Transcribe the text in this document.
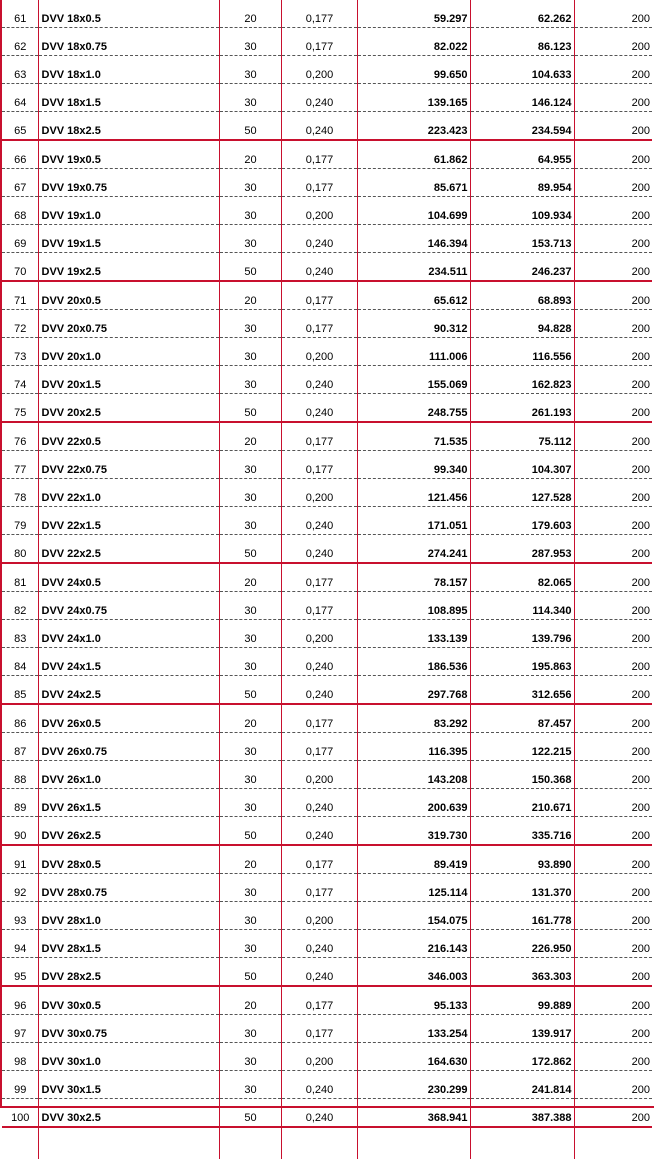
61	DVV 18x0.5	20	0,177	59.297	62.262	200
62	DVV 18x0.75	30	0,177	82.022	86.123	200
63	DVV 18x1.0	30	0,200	99.650	104.633	200
64	DVV 18x1.5	30	0,240	139.165	146.124	200
65	DVV 18x2.5	50	0,240	223.423	234.594	200
66	DVV 19x0.5	20	0,177	61.862	64.955	200
67	DVV 19x0.75	30	0,177	85.671	89.954	200
68	DVV 19x1.0	30	0,200	104.699	109.934	200
69	DVV 19x1.5	30	0,240	146.394	153.713	200
70	DVV 19x2.5	50	0,240	234.511	246.237	200
71	DVV 20x0.5	20	0,177	65.612	68.893	200
72	DVV 20x0.75	30	0,177	90.312	94.828	200
73	DVV 20x1.0	30	0,200	111.006	116.556	200
74	DVV 20x1.5	30	0,240	155.069	162.823	200
75	DVV 20x2.5	50	0,240	248.755	261.193	200
76	DVV 22x0.5	20	0,177	71.535	75.112	200
77	DVV 22x0.75	30	0,177	99.340	104.307	200
78	DVV 22x1.0	30	0,200	121.456	127.528	200
79	DVV 22x1.5	30	0,240	171.051	179.603	200
80	DVV 22x2.5	50	0,240	274.241	287.953	200
81	DVV 24x0.5	20	0,177	78.157	82.065	200
82	DVV 24x0.75	30	0,177	108.895	114.340	200
83	DVV 24x1.0	30	0,200	133.139	139.796	200
84	DVV 24x1.5	30	0,240	186.536	195.863	200
85	DVV 24x2.5	50	0,240	297.768	312.656	200
86	DVV 26x0.5	20	0,177	83.292	87.457	200
87	DVV 26x0.75	30	0,177	116.395	122.215	200
88	DVV 26x1.0	30	0,200	143.208	150.368	200
89	DVV 26x1.5	30	0,240	200.639	210.671	200
90	DVV 26x2.5	50	0,240	319.730	335.716	200
91	DVV 28x0.5	20	0,177	89.419	93.890	200
92	DVV 28x0.75	30	0,177	125.114	131.370	200
93	DVV 28x1.0	30	0,200	154.075	161.778	200
94	DVV 28x1.5	30	0,240	216.143	226.950	200
95	DVV 28x2.5	50	0,240	346.003	363.303	200
96	DVV 30x0.5	20	0,177	95.133	99.889	200
97	DVV 30x0.75	30	0,177	133.254	139.917	200
98	DVV 30x1.0	30	0,200	164.630	172.862	200
99	DVV 30x1.5	30	0,240	230.299	241.814	200
100	DVV 30x2.5	50	0,240	368.941	387.388	200
